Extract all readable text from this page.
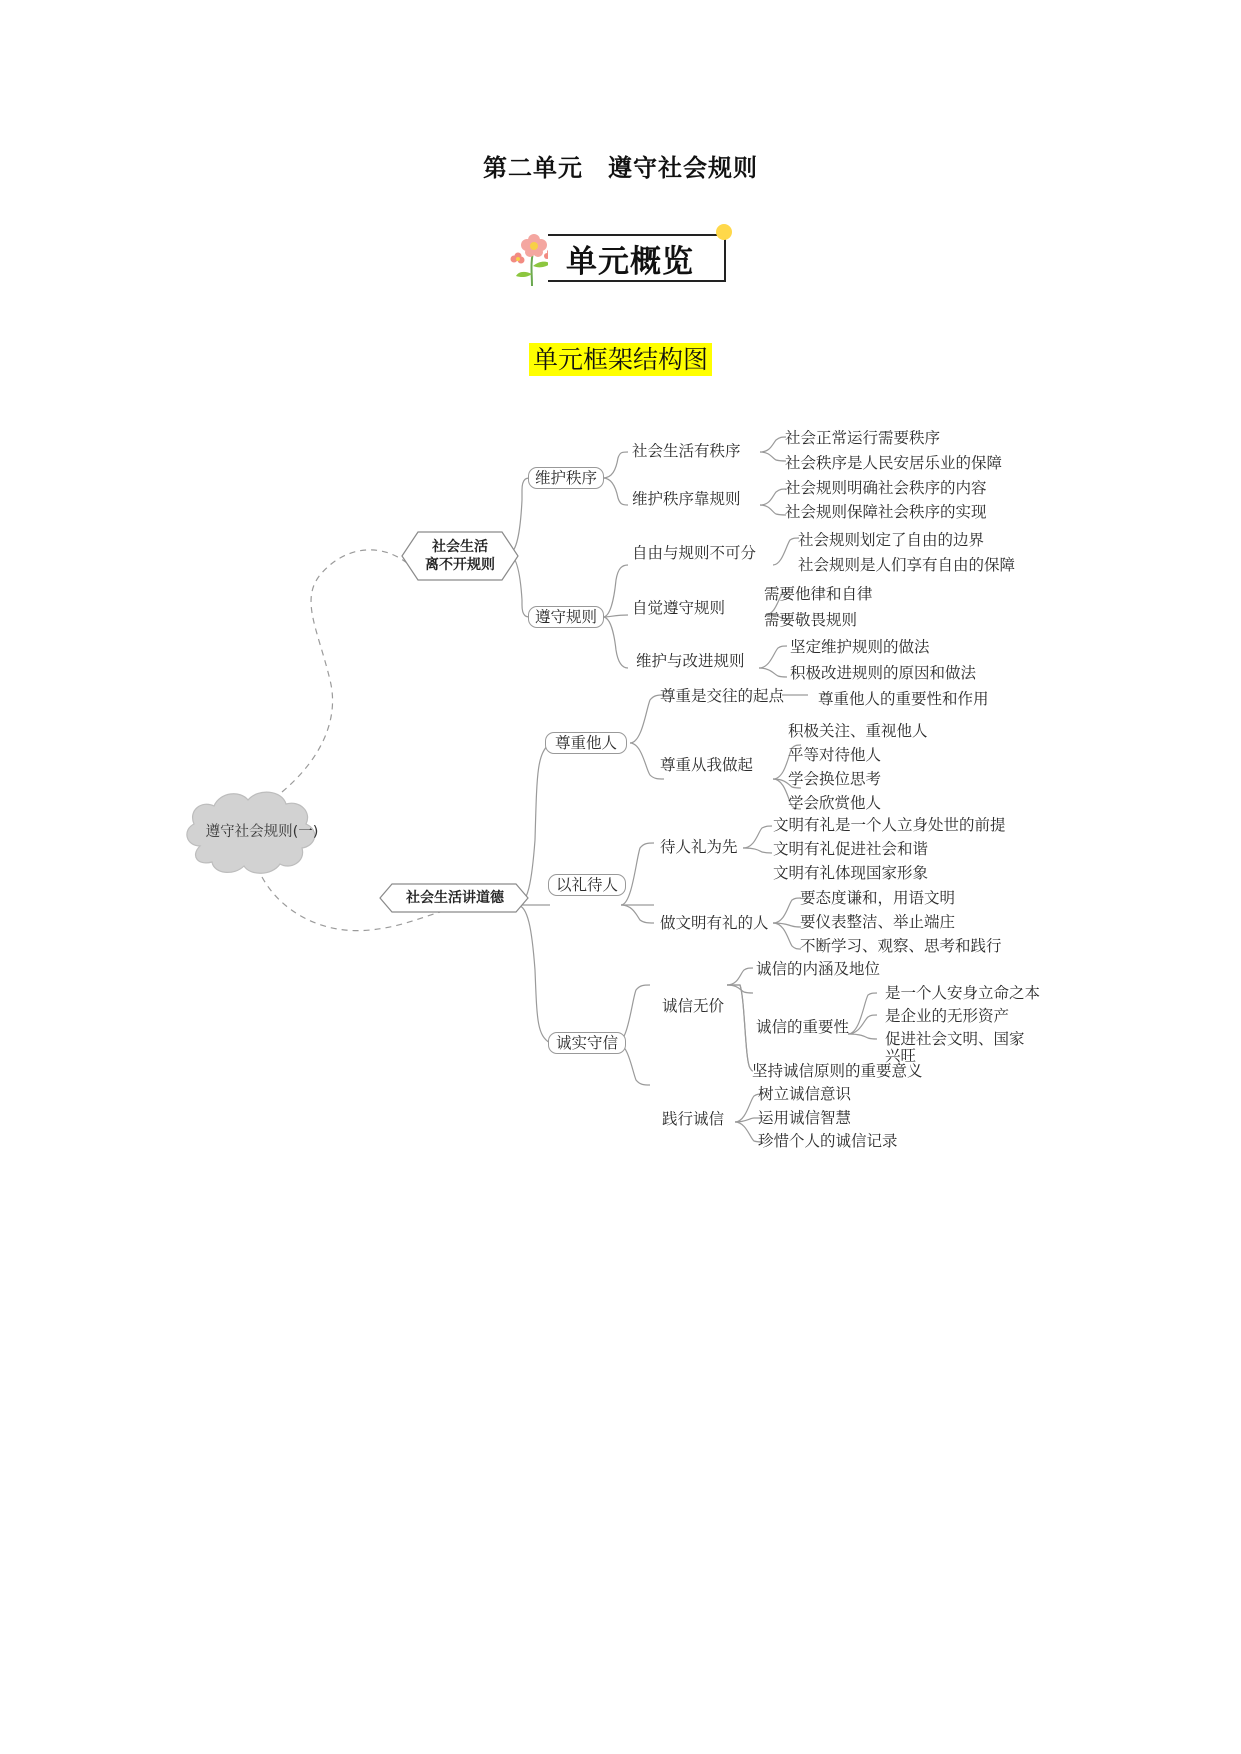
第二单元　遵守社会规则
单元概览
单元框架结构图
遵守社会规则(一)
社会生活
离不开规则
社会生活讲道德
维护秩序
遵守规则
尊重他人
以礼待人
诚实守信
社会生活有秩序
社会正常运行需要秩序
社会秩序是人民安居乐业的保障
维护秩序靠规则
社会规则明确社会秩序的内容
社会规则保障社会秩序的实现
自由与规则不可分
社会规则划定了自由的边界
社会规则是人们享有自由的保障
自觉遵守规则
需要他律和自律
需要敬畏规则
维护与改进规则
坚定维护规则的做法
积极改进规则的原因和做法
尊重是交往的起点 尊重他人的重要性和作用
尊重从我做起
积极关注、重视他人
平等对待他人
学会换位思考
学会欣赏他人
待人礼为先
文明有礼是一个人立身处世的前提
文明有礼促进社会和谐
文明有礼体现国家形象
做文明有礼的人
要态度谦和，用语文明
要仪表整洁、举止端庄
不断学习、观察、思考和践行
诚信无价
诚信的内涵及地位
诚信的重要性
是一个人安身立命之本
是企业的无形资产
促进社会文明、国家
兴旺
坚持诚信原则的重要意义
践行诚信
树立诚信意识
运用诚信智慧
珍惜个人的诚信记录
